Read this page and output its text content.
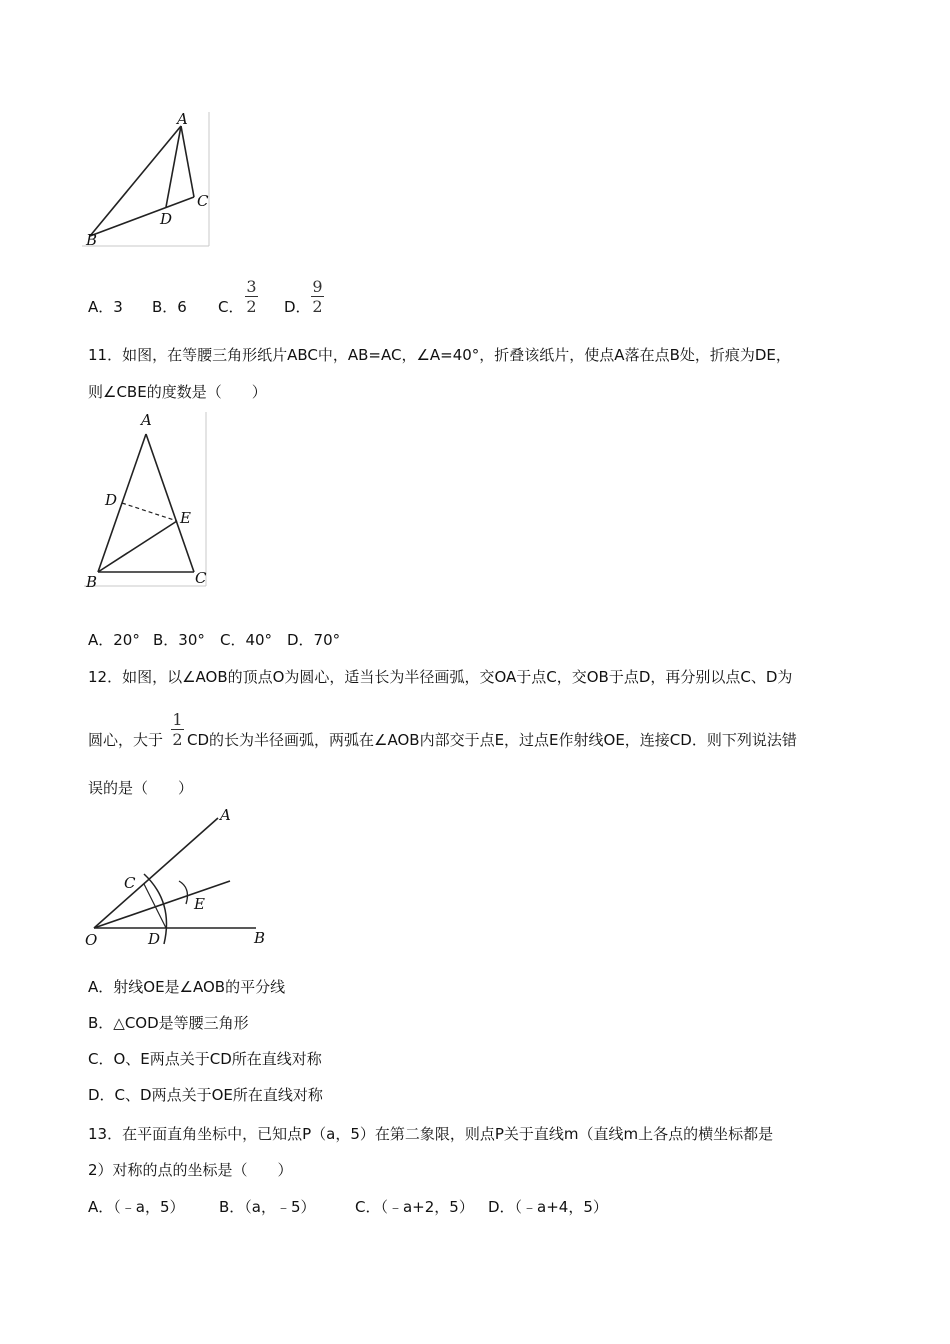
A
B
C
D
A．3 B．6 C．
3
2 D．
9
2
11．如图，在等腰三角形纸片ABC中，AB=AC，∠A=40°，折叠该纸片，使点A落在点B处，折痕为DE，
则∠CBE的度数是（　　）
A
B	C
D
E
A．20° B．30° C．40° D．70°
12．如图，以∠AOB的顶点O为圆心，适当长为半径画弧，交OA于点C，交OB于点D，再分别以点C、D为
圆心，大于
1
2 CD的长为半径画弧，两弧在∠AOB内部交于点E，过点E作射线OE，连接CD．则下列说法错
误的是（　　）
A
B
C
D
E
O
A．射线OE是∠AOB的平分线
B．△COD是等腰三角形
C．O、E两点关于CD所在直线对称
D．C、D两点关于OE所在直线对称
13．在平面直角坐标中，已知点P（a，5）在第二象限，则点P关于直线m（直线m上各点的横坐标都是
2）对称的点的坐标是（　　）
A．（﹣a，5） B．（a，﹣5）	C．（﹣a+2，5） D．（﹣a+4，5）
